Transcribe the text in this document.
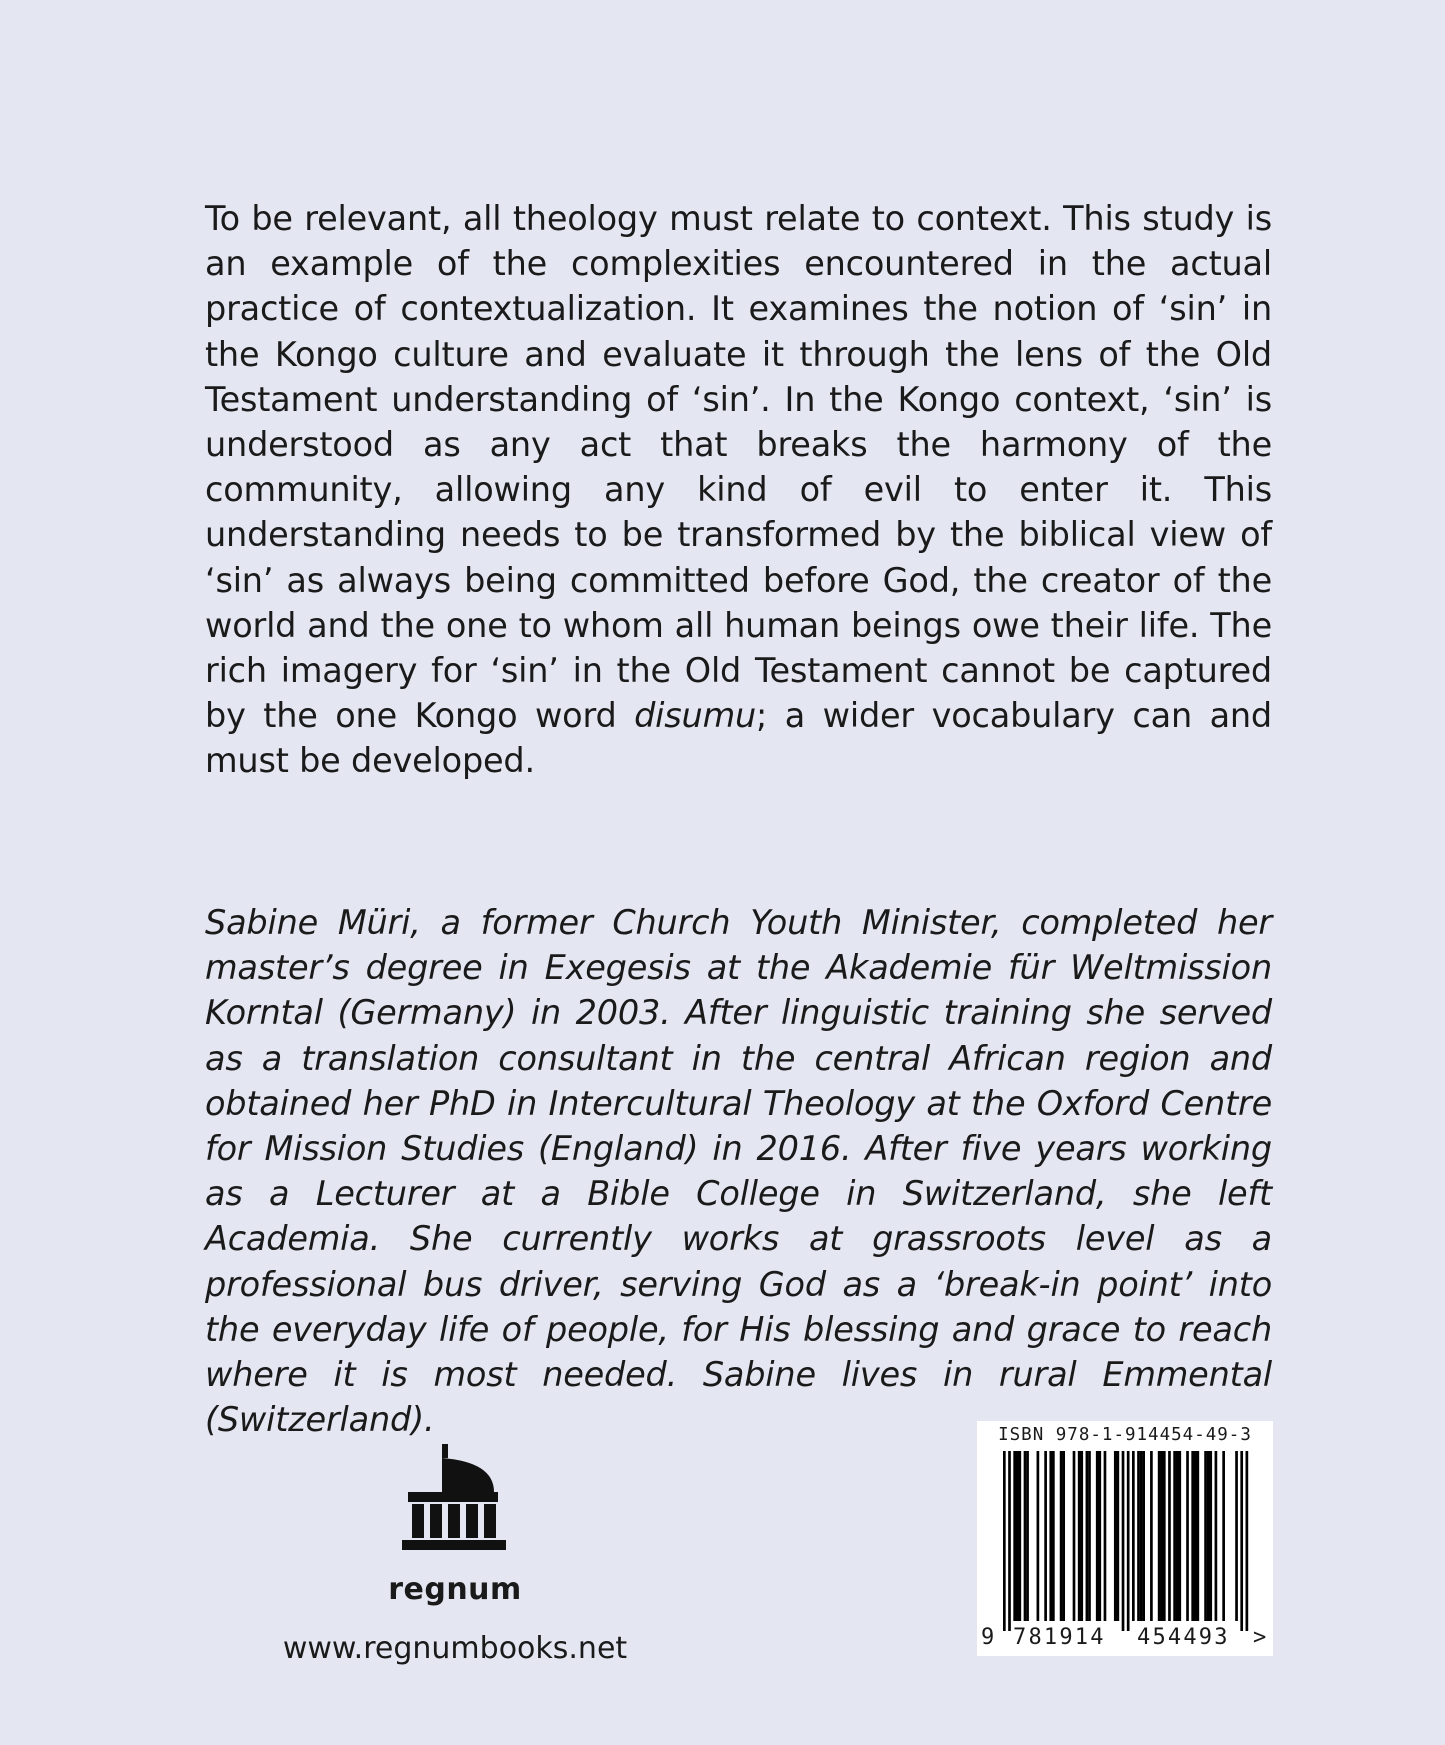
To be relevant, all theology must relate to context. This study is an example of the complexities encountered in the actual practice of contextualization. It examines the notion of ‘sin’ in the Kongo culture and evaluate it through the lens of the Old Testament understanding of ‘sin’. In the Kongo context, ‘sin’ is understood as any act that breaks the harmony of the community, allowing any kind of evil to enter it. This understanding needs to be transformed by the biblical view of ‘sin’ as always being committed before God, the creator of the world and the one to whom all human beings owe their life. The rich imagery for ‘sin’ in the Old Testament cannot be captured by the one Kongo word disumu; a wider vocabulary can and must be developed.
Sabine Müri, a former Church Youth Minister, completed her master’s degree in Exegesis at the Akademie für Weltmission Korntal (Germany) in 2003. After linguistic training she served as a translation consultant in the central African region and obtained her PhD in Intercultural Theology at the Oxford Centre for Mission Studies (England) in 2016. After five years working as a Lecturer at a Bible College in Switzerland, she left Academia. She currently works at grassroots level as a professional bus driver, serving God as a ‘break-in point’ into the everyday life of people, for His blessing and grace to reach where it is most needed. Sabine lives in rural Emmental (Switzerland).
regnum
www.regnumbooks.net
ISBN 978-1-914454-49-3
9 781914 454493 >
